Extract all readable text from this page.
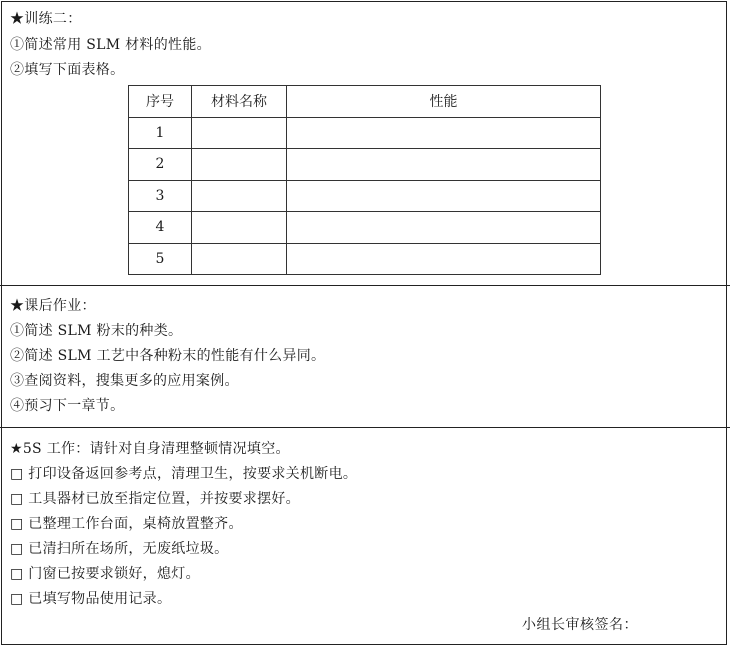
★训练二：
①简述常用 SLM 材料的性能。
②填写下面表格。
序号	材料名称	性能
1		
2		
3		
4		
5		
★课后作业：
①简述 SLM 粉末的种类。
②简述 SLM 工艺中各种粉末的性能有什么异同。
③查阅资料，搜集更多的应用案例。
④预习下一章节。
★5S 工作：请针对自身清理整顿情况填空。
□ 打印设备返回参考点，清理卫生，按要求关机断电。
□ 工具器材已放至指定位置，并按要求摆好。
□ 已整理工作台面，桌椅放置整齐。
□ 已清扫所在场所，无废纸垃圾。
□ 门窗已按要求锁好，熄灯。
□ 已填写物品使用记录。
小组长审核签名：
